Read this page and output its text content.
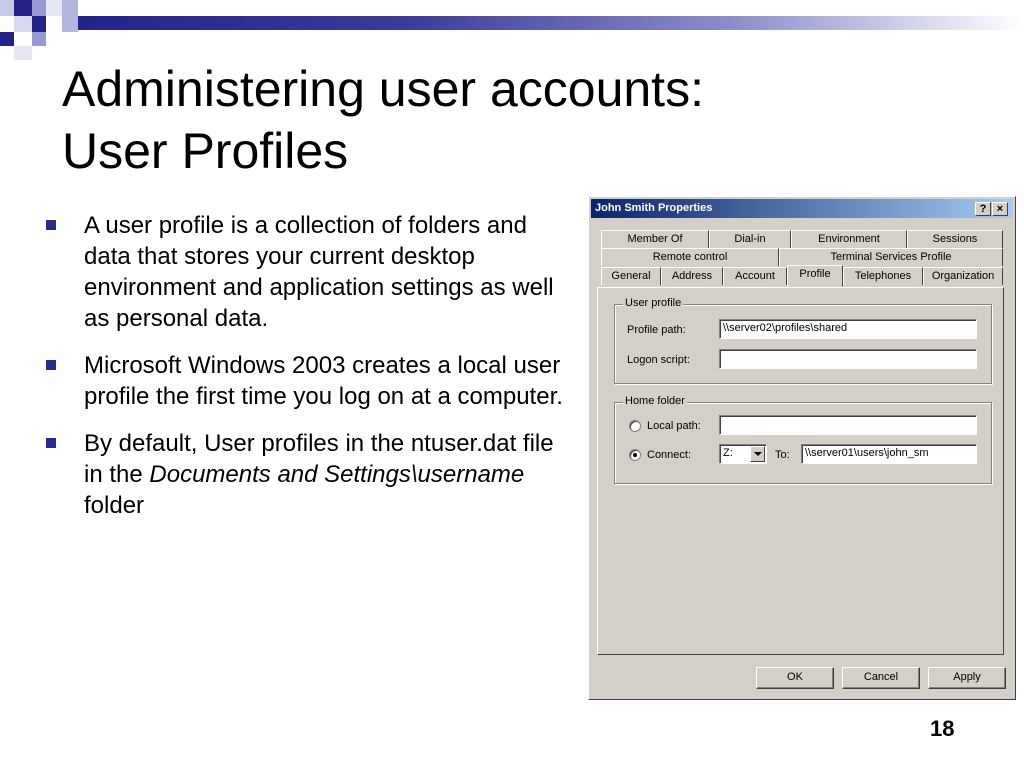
Administering user accounts:
User Profiles
A user profile is a collection of folders and data that stores your current desktop environment and application settings as well as personal data.
Microsoft Windows 2003 creates a local user profile the first time you log on at a computer.
By default, User profiles in the ntuser.dat file in the Documents and Settings\username folder
18
John Smith Properties	? ×
Member Of	Dial-in	Environment	Sessions
Remote control	Terminal Services Profile
General	Address	Account	Profile	Telephones	Organization
User profile
Profile path:	\\server02\profiles\shared
Logon script:
Home folder
Local path:
Connect:	Z:	To:	\\server01\users\john_sm
OK	Cancel	Apply
